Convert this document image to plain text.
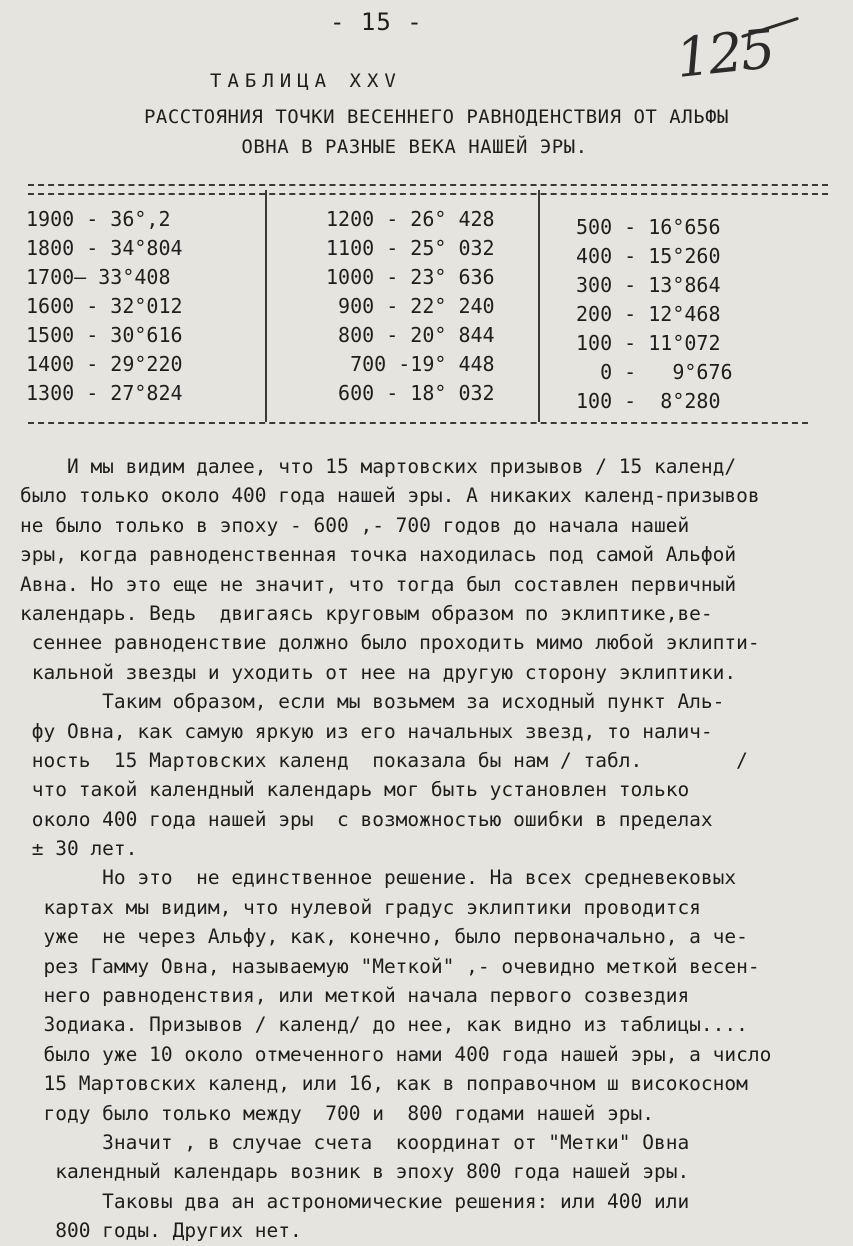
- 15 -	125
ТАБЛИЦА XXV
РАССТОЯНИЯ ТОЧКИ ВЕСЕННЕГО РАВНОДЕНСТВИЯ ОТ АЛЬФЫ
ОВНА В РАЗНЫЕ ВЕКА НАШЕЙ ЭРЫ.
1900 - 36°,2
1800 - 34°804
1700— 33°408
1600 - 32°012
1500 - 30°616
1400 - 29°220
1300 - 27°824
1200 - 26° 428
1100 - 25° 032
1000 - 23° 636
900 - 22° 240
800 - 20° 844
700 -19° 448
600 - 18° 032
500 - 16°656
400 - 15°260
300 - 13°864
200 - 12°468
100 - 11°072
0 -   9°676
100 -  8°280
И мы видим далее, что 15 мартовских призывов / 15 календ/
было только около 400 года нашей эры. А никаких календ-призывов
не было только в эпоху - 600 ,- 700 годов до начала нашей
эры, когда равноденственная точка находилась под самой Альфой
Авна. Но это еще не значит, что тогда был составлен первичный
календарь. Ведь  двигаясь круговым образом по эклиптике,ве-
сеннее равноденствие должно было проходить мимо любой эклипти-
кальной звезды и уходить от нее на другую сторону эклиптики.
Таким образом, если мы возьмем за исходный пункт Аль-
фу Овна, как самую яркую из его начальных звезд, то налич-
ность  15 Мартовских календ  показала бы нам / табл.        /
что такой календный календарь мог быть установлен только
около 400 года нашей эры  с возможностью ошибки в пределах
± 30 лет.
Но это  не единственное решение. На всех средневековых
картах мы видим, что нулевой градус эклиптики проводится
уже  не через Альфу, как, конечно, было первоначально, а че-
рез Гамму Овна, называемую "Меткой" ,- очевидно меткой весен-
него равноденствия, или меткой начала первого созвездия
Зодиака. Призывов / календ/ до нее, как видно из таблицы....
было уже 10 около отмеченного нами 400 года нашей эры, а число
15 Мартовских календ, или 16, как в поправочном ш високосном
году было только между  700 и  800 годами нашей эры.
Значит , в случае счета  координат от "Метки" Овна
календный календарь возник в эпоху 800 года нашей эры.
Таковы два ан астрономические решения: или 400 или
800 годы. Других нет.
